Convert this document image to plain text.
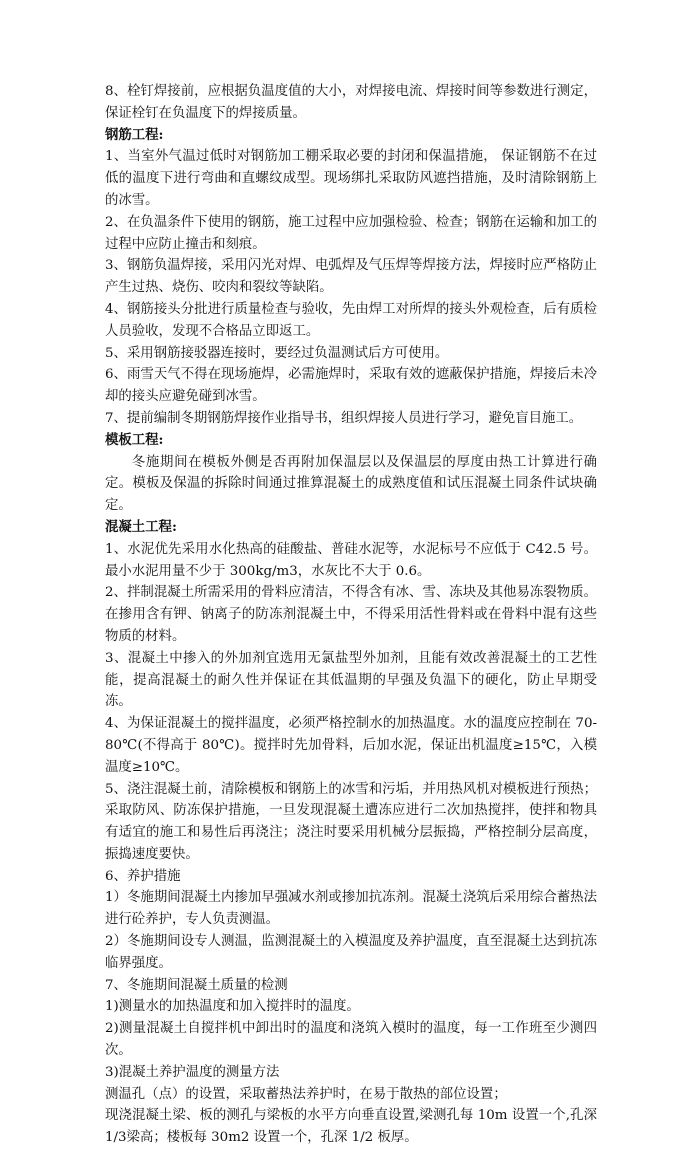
8、栓钉焊接前，应根据负温度值的大小，对焊接电流、焊接时间等参数进行测定，保证栓钉在负温度下的焊接质量。

钢筋工程:

1、当室外气温过低时对钢筋加工棚采取必要的封闭和保温措施， 保证钢筋不在过低的温度下进行弯曲和直螺纹成型。现场绑扎采取防风遮挡措施，及时清除钢筋上的冰雪。

2、在负温条件下使用的钢筋，施工过程中应加强检验、检查；钢筋在运输和加工的过程中应防止撞击和刻痕。

3、钢筋负温焊接，采用闪光对焊、电弧焊及气压焊等焊接方法，焊接时应严格防止产生过热、烧伤、咬肉和裂纹等缺陷。

4、钢筋接头分批进行质量检查与验收，先由焊工对所焊的接头外观检查，后有质检人员验收，发现不合格品立即返工。

5、采用钢筋接驳器连接时，要经过负温测试后方可使用。

6、雨雪天气不得在现场施焊，必需施焊时，采取有效的遮蔽保护措施，焊接后未冷却的接头应避免碰到冰雪。

7、提前编制冬期钢筋焊接作业指导书，组织焊接人员进行学习，避免盲目施工。

模板工程:

冬施期间在模板外侧是否再附加保温层以及保温层的厚度由热工计算进行确定。模板及保温的拆除时间通过推算混凝土的成熟度值和试压混凝土同条件试块确定。

混凝土工程:

1、水泥优先采用水化热高的硅酸盐、普硅水泥等，水泥标号不应低于 C42.5 号。最小水泥用量不少于 300kg/m3，水灰比不大于 0.6。

2、拌制混凝土所需采用的骨料应清洁，不得含有冰、雪、冻块及其他易冻裂物质。在掺用含有钾、钠离子的防冻剂混凝土中，不得采用活性骨料或在骨料中混有这些物质的材料。

3、混凝土中掺入的外加剂宜选用无氯盐型外加剂，且能有效改善混凝土的工艺性能，提高混凝土的耐久性并保证在其低温期的早强及负温下的硬化，防止早期受冻。

4、为保证混凝土的搅拌温度，必须严格控制水的加热温度。水的温度应控制在 70-80℃(不得高于 80℃)。搅拌时先加骨料，后加水泥，保证出机温度≥15℃，入模温度≥10℃。

5、浇注混凝土前，清除模板和钢筋上的冰雪和污垢，并用热风机对模板进行预热；采取防风、防冻保护措施，一旦发现混凝土遭冻应进行二次加热搅拌，使拌和物具有适宜的施工和易性后再浇注；浇注时要采用机械分层振捣，严格控制分层高度，振捣速度要快。

6、养护措施

1）冬施期间混凝土内掺加早强减水剂或掺加抗冻剂。混凝土浇筑后采用综合蓄热法进行砼养护，专人负责测温。

2）冬施期间设专人测温，监测混凝土的入模温度及养护温度，直至混凝土达到抗冻临界强度。

7、冬施期间混凝土质量的检测

1)测量水的加热温度和加入搅拌时的温度。

2)测量混凝土自搅拌机中卸出时的温度和浇筑入模时的温度，每一工作班至少测四次。

3)混凝土养护温度的测量方法

测温孔（点）的设置，采取蓄热法养护时，在易于散热的部位设置；

现浇混凝土梁、板的测孔与梁板的水平方向垂直设置,梁测孔每 10m 设置一个,孔深 1/3梁高；楼板每 30m2 设置一个，孔深 1/2 板厚。
